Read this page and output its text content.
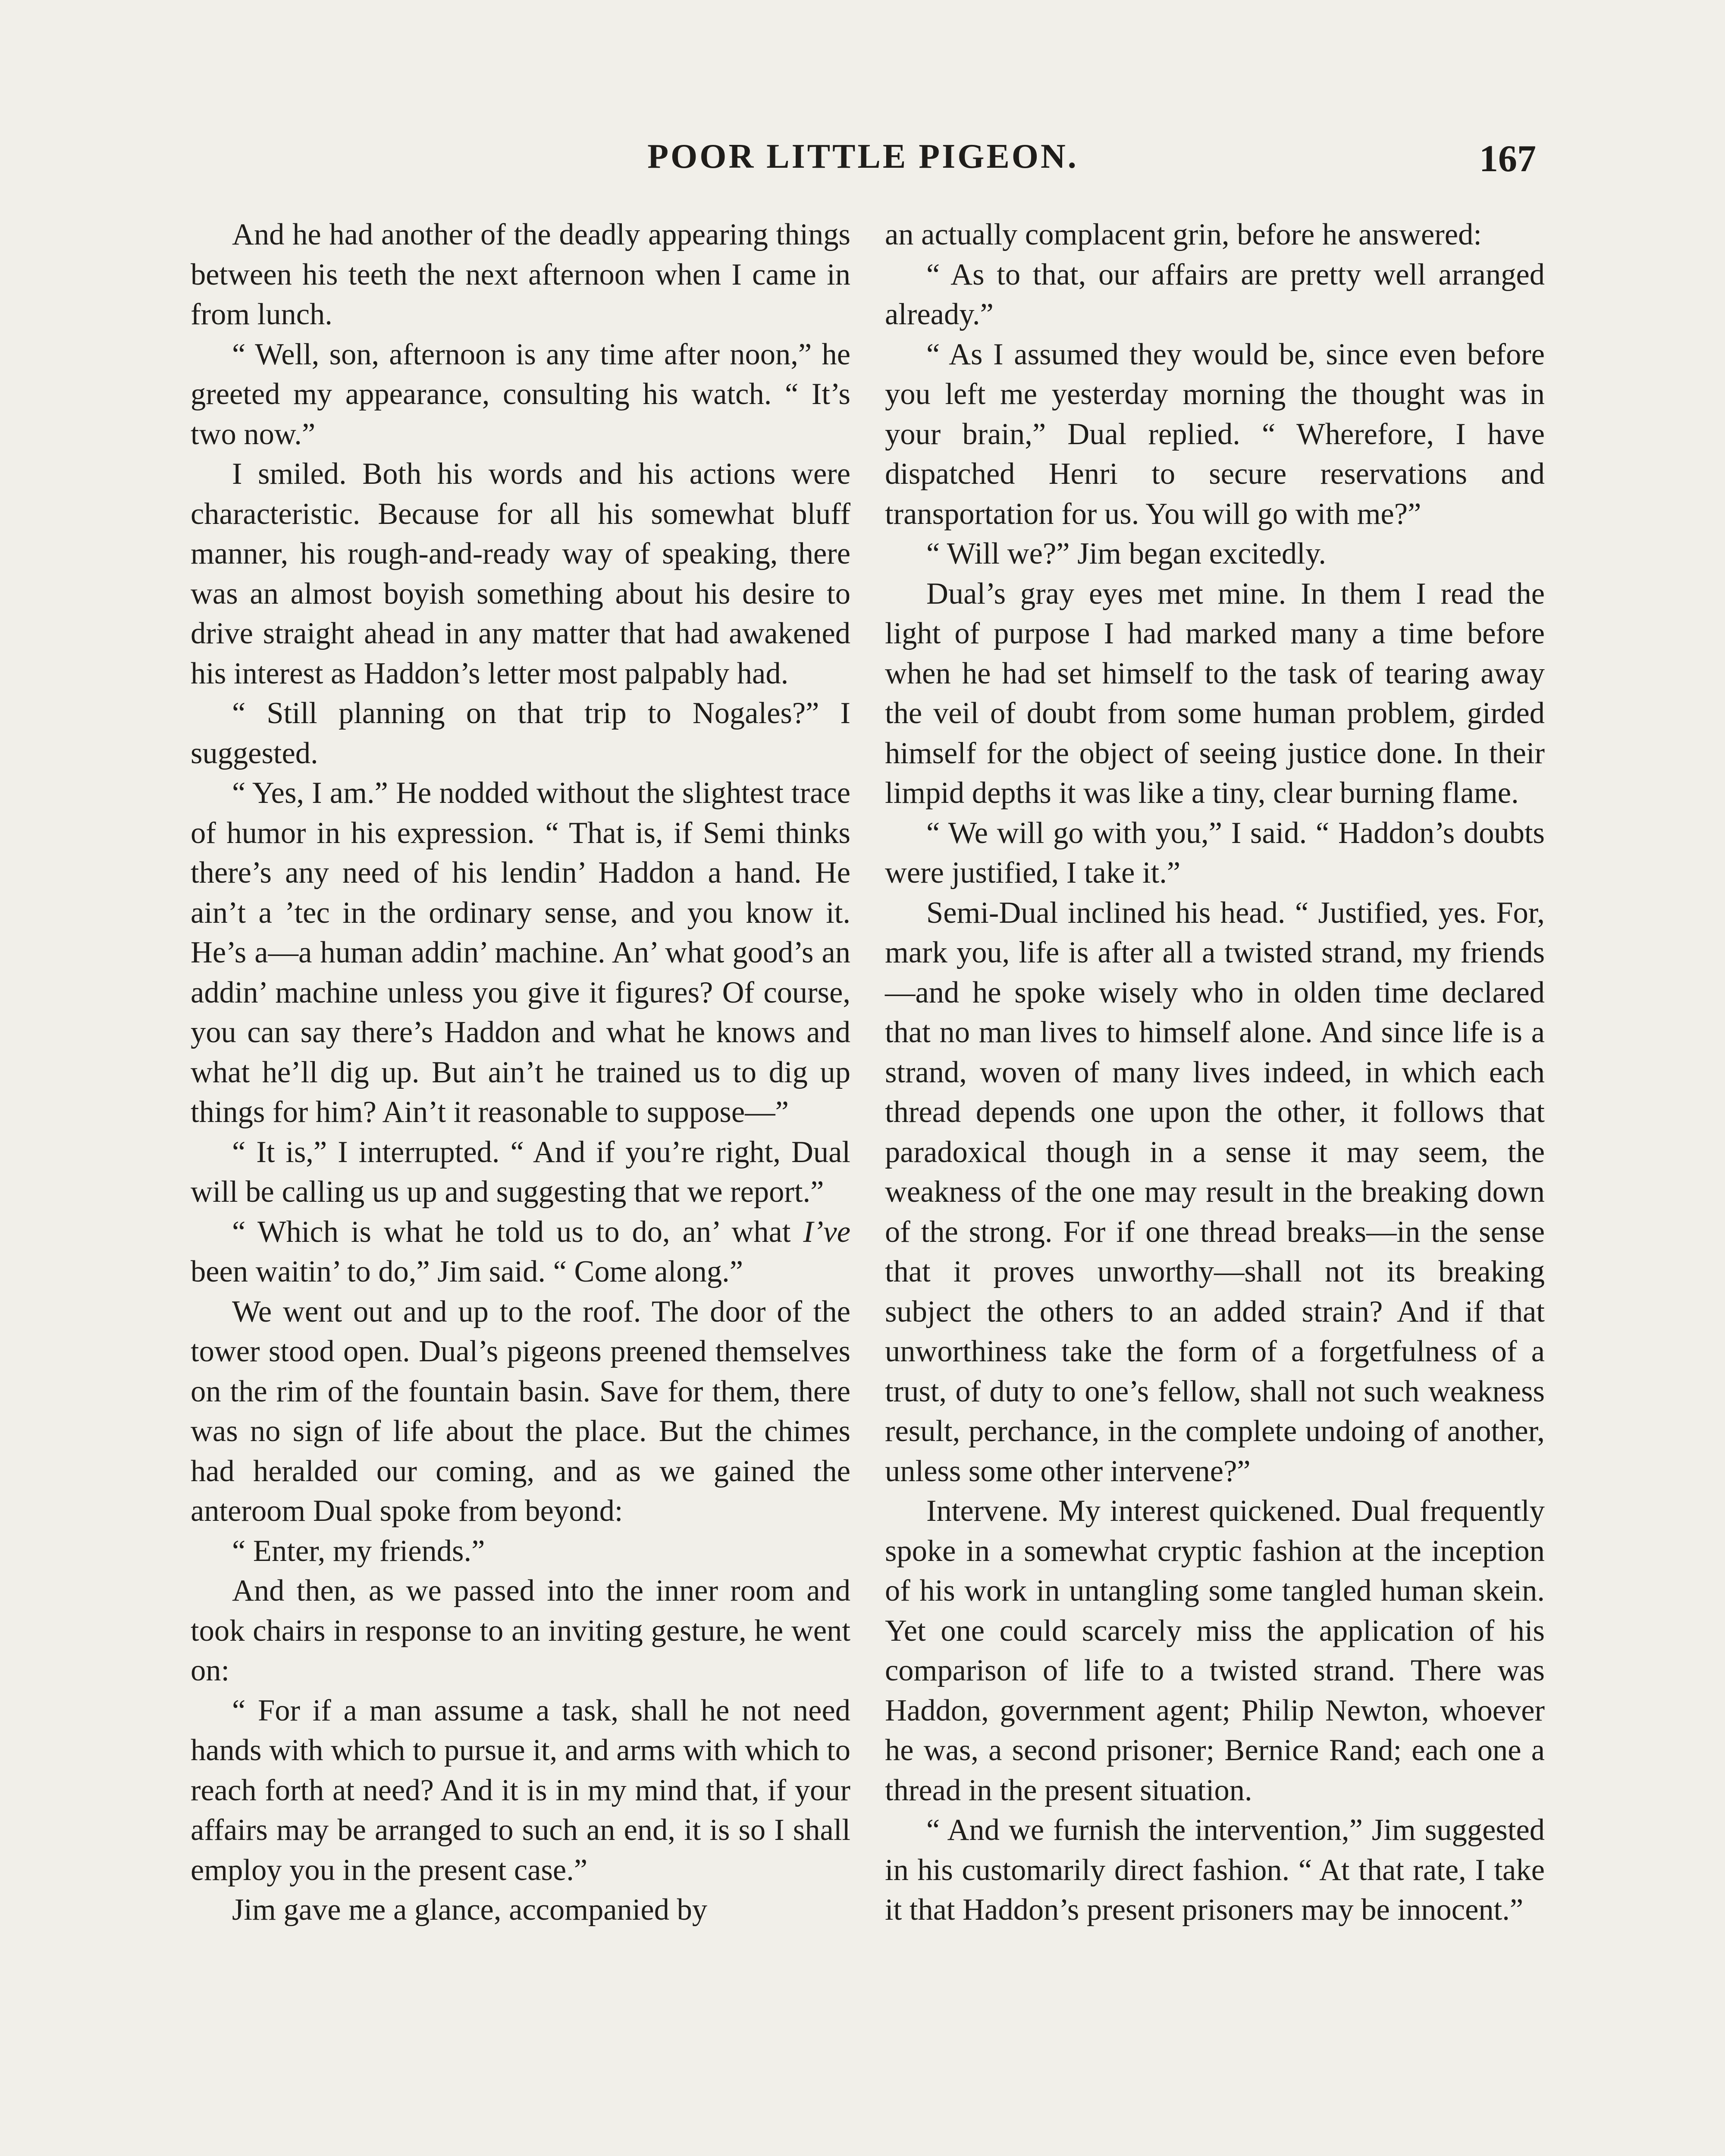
POOR LITTLE PIGEON.	167

And he had another of the deadly appearing things between his teeth the next afternoon when I came in from lunch.

“ Well, son, afternoon is any time after noon,” he greeted my appearance, consulting his watch. “ It’s two now.”

I smiled. Both his words and his actions were characteristic. Because for all his somewhat bluff manner, his rough-and-ready way of speaking, there was an almost boyish something about his desire to drive straight ahead in any matter that had awakened his interest as Haddon’s letter most palpably had.

“ Still planning on that trip to Nogales?” I suggested.

“ Yes, I am.” He nodded without the slightest trace of humor in his expression. “ That is, if Semi thinks there’s any need of his lendin’ Haddon a hand. He ain’t a ’tec in the ordinary sense, and you know it. He’s a—a human addin’ machine. An’ what good’s an addin’ machine unless you give it figures? Of course, you can say there’s Haddon and what he knows and what he’ll dig up. But ain’t he trained us to dig up things for him? Ain’t it reasonable to suppose—”

“ It is,” I interrupted. “ And if you’re right, Dual will be calling us up and suggesting that we report.”

“ Which is what he told us to do, an’ what I’ve been waitin’ to do,” Jim said. “ Come along.”

We went out and up to the roof. The door of the tower stood open. Dual’s pigeons preened themselves on the rim of the fountain basin. Save for them, there was no sign of life about the place. But the chimes had heralded our coming, and as we gained the anteroom Dual spoke from beyond:

“ Enter, my friends.”

And then, as we passed into the inner room and took chairs in response to an inviting gesture, he went on:

“ For if a man assume a task, shall he not need hands with which to pursue it, and arms with which to reach forth at need? And it is in my mind that, if your affairs may be arranged to such an end, it is so I shall employ you in the present case.”

Jim gave me a glance, accompanied by

an actually complacent grin, before he answered:

“ As to that, our affairs are pretty well arranged already.”

“ As I assumed they would be, since even before you left me yesterday morning the thought was in your brain,” Dual replied. “ Wherefore, I have dispatched Henri to secure reservations and transportation for us. You will go with me?”

“ Will we?” Jim began excitedly.

Dual’s gray eyes met mine. In them I read the light of purpose I had marked many a time before when he had set himself to the task of tearing away the veil of doubt from some human problem, girded himself for the object of seeing justice done. In their limpid depths it was like a tiny, clear burning flame.

“ We will go with you,” I said. “ Haddon’s doubts were justified, I take it.”

Semi-Dual inclined his head. “ Justified, yes. For, mark you, life is after all a twisted strand, my friends—and he spoke wisely who in olden time declared that no man lives to himself alone. And since life is a strand, woven of many lives indeed, in which each thread depends one upon the other, it follows that paradoxical though in a sense it may seem, the weakness of the one may result in the breaking down of the strong. For if one thread breaks—in the sense that it proves unworthy—shall not its breaking subject the others to an added strain? And if that unworthiness take the form of a forgetfulness of a trust, of duty to one’s fellow, shall not such weakness result, perchance, in the complete undoing of another, unless some other intervene?”

Intervene. My interest quickened. Dual frequently spoke in a somewhat cryptic fashion at the inception of his work in untangling some tangled human skein. Yet one could scarcely miss the application of his comparison of life to a twisted strand. There was Haddon, government agent; Philip Newton, whoever he was, a second prisoner; Bernice Rand; each one a thread in the present situation.

“ And we furnish the intervention,” Jim suggested in his customarily direct fashion. “ At that rate, I take it that Haddon’s present prisoners may be innocent.”
